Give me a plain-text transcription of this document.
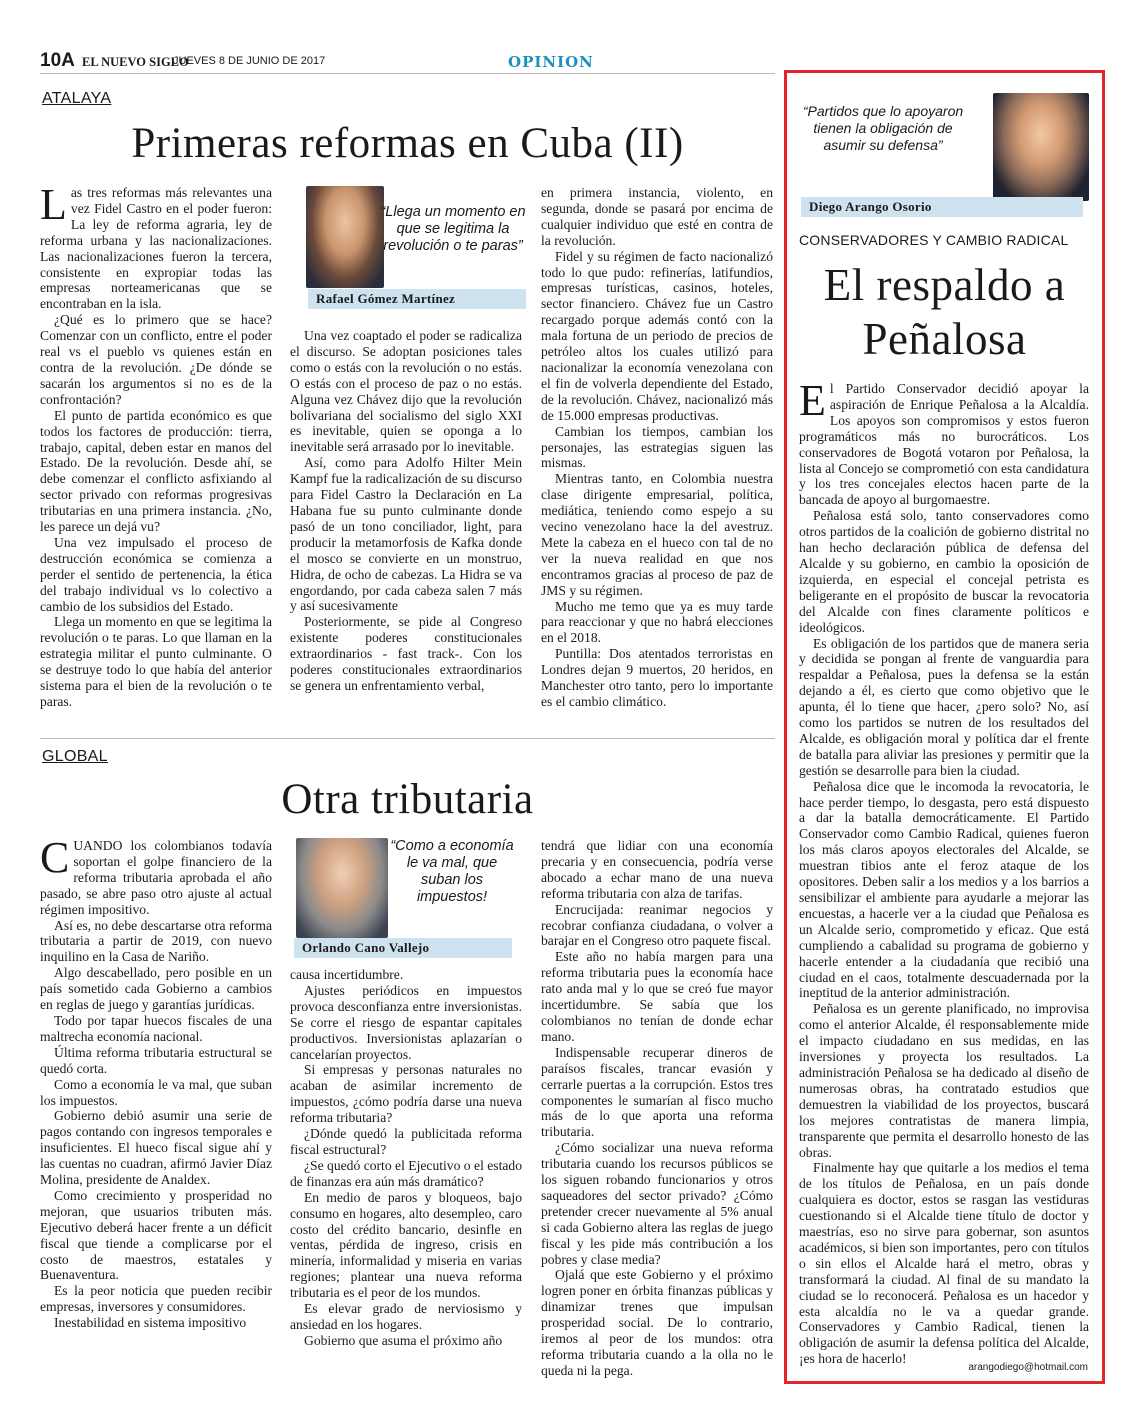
10A EL NUEVO SIGLO
JUEVES 8 DE JUNIO DE 2017	OPINION
ATALAYA
Primeras reformas en Cuba (II)

Las tres reformas más relevantes una vez Fidel Castro en el poder fueron: La ley de reforma agraria, ley de reforma urbana y las nacionalizaciones. Las nacionalizaciones fueron la tercera, consistente en expropiar todas las empresas norteamericanas que se encontraban en la isla.

¿Qué es lo primero que se hace? Comenzar con un conflicto, entre el poder real vs el pueblo vs quienes están en contra de la revolución. ¿De dónde se sacarán los argumentos si no es de la confrontación?

El punto de partida económico es que todos los factores de producción: tierra, trabajo, capital, deben estar en manos del Estado. De la revolución. Desde ahí, se debe comenzar el conflicto asfixiando al sector privado con reformas progresivas tributarias en una primera instancia. ¿No, les parece un dejá vu?

Una vez impulsado el proceso de destrucción económica se comienza a perder el sentido de pertenencia, la ética del trabajo individual vs lo colectivo a cambio de los subsidios del Estado.

Llega un momento en que se legitima la revolución o te paras. Lo que llaman en la estrategia militar el punto culminante. O se destruye todo lo que había del anterior sistema para el bien de la revolución o te paras.

“Llega un momento en que se legitima la revolución o te paras”
Rafael Gómez Martínez

Una vez coaptado el poder se radicaliza el discurso. Se adoptan posiciones tales como o estás con la revolución o no estás. O estás con el proceso de paz o no estás. Alguna vez Chávez dijo que la revolución bolivariana del socialismo del siglo XXI es inevitable, quien se oponga a lo inevitable será arrasado por lo inevitable.

Así, como para Adolfo Hilter Mein Kampf fue la radicalización de su discurso para Fidel Castro la Declaración en La Habana fue su punto culminante donde pasó de un tono conciliador, light, para producir la metamorfosis de Kafka donde el mosco se convierte en un monstruo, Hidra, de ocho de cabezas. La Hidra se va engordando, por cada cabeza salen 7 más y así sucesivamente

Posteriormente, se pide al Congreso existente poderes constitucionales extraordinarios - fast track-. Con los poderes constitucionales extraordinarios se genera un enfrentamiento verbal,

en primera instancia, violento, en segunda, donde se pasará por encima de cualquier individuo que esté en contra de la revolución.

Fidel y su régimen de facto nacionalizó todo lo que pudo: refinerías, latifundios, empresas turísticas, casinos, hoteles, sector financiero. Chávez fue un Castro recargado porque además contó con la mala fortuna de un periodo de precios de petróleo altos los cuales utilizó para nacionalizar la economía venezolana con el fin de volverla dependiente del Estado, de la revolución. Chávez, nacionalizó más de 15.000 empresas productivas.

Cambian los tiempos, cambian los personajes, las estrategias siguen las mismas.

Mientras tanto, en Colombia nuestra clase dirigente empresarial, política, mediática, teniendo como espejo a su vecino venezolano hace la del avestruz. Mete la cabeza en el hueco con tal de no ver la nueva realidad en que nos encontramos gracias al proceso de paz de JMS y su régimen.

Mucho me temo que ya es muy tarde para reaccionar y que no habrá elecciones en el 2018.

Puntilla: Dos atentados terroristas en Londres dejan 9 muertos, 20 heridos, en Manchester otro tanto, pero lo importante es el cambio climático.

GLOBAL
Otra tributaria

CUANDO los colombianos todavía soportan el golpe financiero de la reforma tributaria aprobada el año pasado, se abre paso otro ajuste al actual régimen impositivo.

Así es, no debe descartarse otra reforma tributaria a partir de 2019, con nuevo inquilino en la Casa de Nariño.

Algo descabellado, pero posible en un país sometido cada Gobierno a cambios en reglas de juego y garantías jurídicas.

Todo por tapar huecos fiscales de una maltrecha economía nacional.

Última reforma tributaria estructural se quedó corta.

Como a economía le va mal, que suban los impuestos.

Gobierno debió asumir una serie de pagos contando con ingresos temporales e insuficientes. El hueco fiscal sigue ahí y las cuentas no cuadran, afirmó Javier Díaz Molina, presidente de Analdex.

Como crecimiento y prosperidad no mejoran, que usuarios tributen más. Ejecutivo deberá hacer frente a un déficit fiscal que tiende a complicarse por el costo de maestros, estatales y Buenaventura.

Es la peor noticia que pueden recibir empresas, inversores y consumidores.

Inestabilidad en sistema impositivo

“Como a economía le va mal, que suban los impuestos!
Orlando Cano Vallejo

causa incertidumbre.

Ajustes periódicos en impuestos provoca desconfianza entre inversionistas. Se corre el riesgo de espantar capitales productivos. Inversionistas aplazarían o cancelarían proyectos.

Si empresas y personas naturales no acaban de asimilar incremento de impuestos, ¿cómo podría darse una nueva reforma tributaria?

¿Dónde quedó la publicitada reforma fiscal estructural?

¿Se quedó corto el Ejecutivo o el estado de finanzas era aún más dramático?

En medio de paros y bloqueos, bajo consumo en hogares, alto desempleo, caro costo del crédito bancario, desinfle en ventas, pérdida de ingreso, crisis en minería, informalidad y miseria en varias regiones; plantear una nueva reforma tributaria es el peor de los mundos.

Es elevar grado de nerviosismo y ansiedad en los hogares.

Gobierno que asuma el próximo año

tendrá que lidiar con una economía precaria y en consecuencia, podría verse abocado a echar mano de una nueva reforma tributaria con alza de tarifas.

Encrucijada: reanimar negocios y recobrar confianza ciudadana, o volver a barajar en el Congreso otro paquete fiscal.

Este año no había margen para una reforma tributaria pues la economía hace rato anda mal y lo que se creó fue mayor incertidumbre. Se sabía que los colombianos no tenían de donde echar mano.

Indispensable recuperar dineros de paraísos fiscales, trancar evasión y cerrarle puertas a la corrupción. Estos tres componentes le sumarían al fisco mucho más de lo que aporta una reforma tributaria.

¿Cómo socializar una nueva reforma tributaria cuando los recursos públicos se los siguen robando funcionarios y otros saqueadores del sector privado? ¿Cómo pretender crecer nuevamente al 5% anual si cada Gobierno altera las reglas de juego fiscal y les pide más contribución a los pobres y clase media?

Ojalá que este Gobierno y el próximo logren poner en órbita finanzas públicas y dinamizar trenes que impulsan prosperidad social. De lo contrario, iremos al peor de los mundos: otra reforma tributaria cuando a la olla no le queda ni la pega.

“Partidos que lo apoyaron tienen la obligación de asumir su defensa”
Diego Arango Osorio
CONSERVADORES Y CAMBIO RADICAL
El respaldo a
Peñalosa

El Partido Conservador decidió apoyar la aspiración de Enrique Peñalosa a la Alcaldía. Los apoyos son compromisos y estos fueron programáticos más no burocráticos. Los conservadores de Bogotá votaron por Peñalosa, la lista al Concejo se comprometió con esta candidatura y los tres concejales electos hacen parte de la bancada de apoyo al burgomaestre.

Peñalosa está solo, tanto conservadores como otros partidos de la coalición de gobierno distrital no han hecho declaración pública de defensa del Alcalde y su gobierno, en cambio la oposición de izquierda, en especial el concejal petrista es beligerante en el propósito de buscar la revocatoria del Alcalde con fines claramente políticos e ideológicos.

Es obligación de los partidos que de manera seria y decidida se pongan al frente de vanguardia para respaldar a Peñalosa, pues la defensa se la están dejando a él, es cierto que como objetivo que le apunta, él lo tiene que hacer, ¿pero solo? No, así como los partidos se nutren de los resultados del Alcalde, es obligación moral y política dar el frente de batalla para aliviar las presiones y permitir que la gestión se desarrolle para bien la ciudad.

Peñalosa dice que le incomoda la revocatoria, le hace perder tiempo, lo desgasta, pero está dispuesto a dar la batalla democráticamente. El Partido Conservador como Cambio Radical, quienes fueron los más claros apoyos electorales del Alcalde, se muestran tibios ante el feroz ataque de los opositores. Deben salir a los medios y a los barrios a sensibilizar el ambiente para ayudarle a mejorar las encuestas, a hacerle ver a la ciudad que Peñalosa es un Alcalde serio, comprometido y eficaz. Que está cumpliendo a cabalidad su programa de gobierno y hacerle entender a la ciudadanía que recibió una ciudad en el caos, totalmente descuadernada por la ineptitud de la anterior administración.

Peñalosa es un gerente planificado, no improvisa como el anterior Alcalde, él responsablemente mide el impacto ciudadano en sus medidas, en las inversiones y proyecta los resultados. La administración Peñalosa se ha dedicado al diseño de numerosas obras, ha contratado estudios que demuestren la viabilidad de los proyectos, buscará los mejores contratistas de manera limpia, transparente que permita el desarrollo honesto de las obras.

Finalmente hay que quitarle a los medios el tema de los títulos de Peñalosa, en un país donde cualquiera es doctor, estos se rasgan las vestiduras cuestionando si el Alcalde tiene título de doctor y maestrías, eso no sirve para gobernar, son asuntos académicos, si bien son importantes, pero con títulos o sin ellos el Alcalde hará el metro, obras y transformará la ciudad. Al final de su mandato la ciudad se lo reconocerá. Peñalosa es un hacedor y esta alcaldía no le va a quedar grande. Conservadores y Cambio Radical, tienen la obligación de asumir la defensa política del Alcalde, ¡es hora de hacerlo!

arangodiego@hotmail.com
